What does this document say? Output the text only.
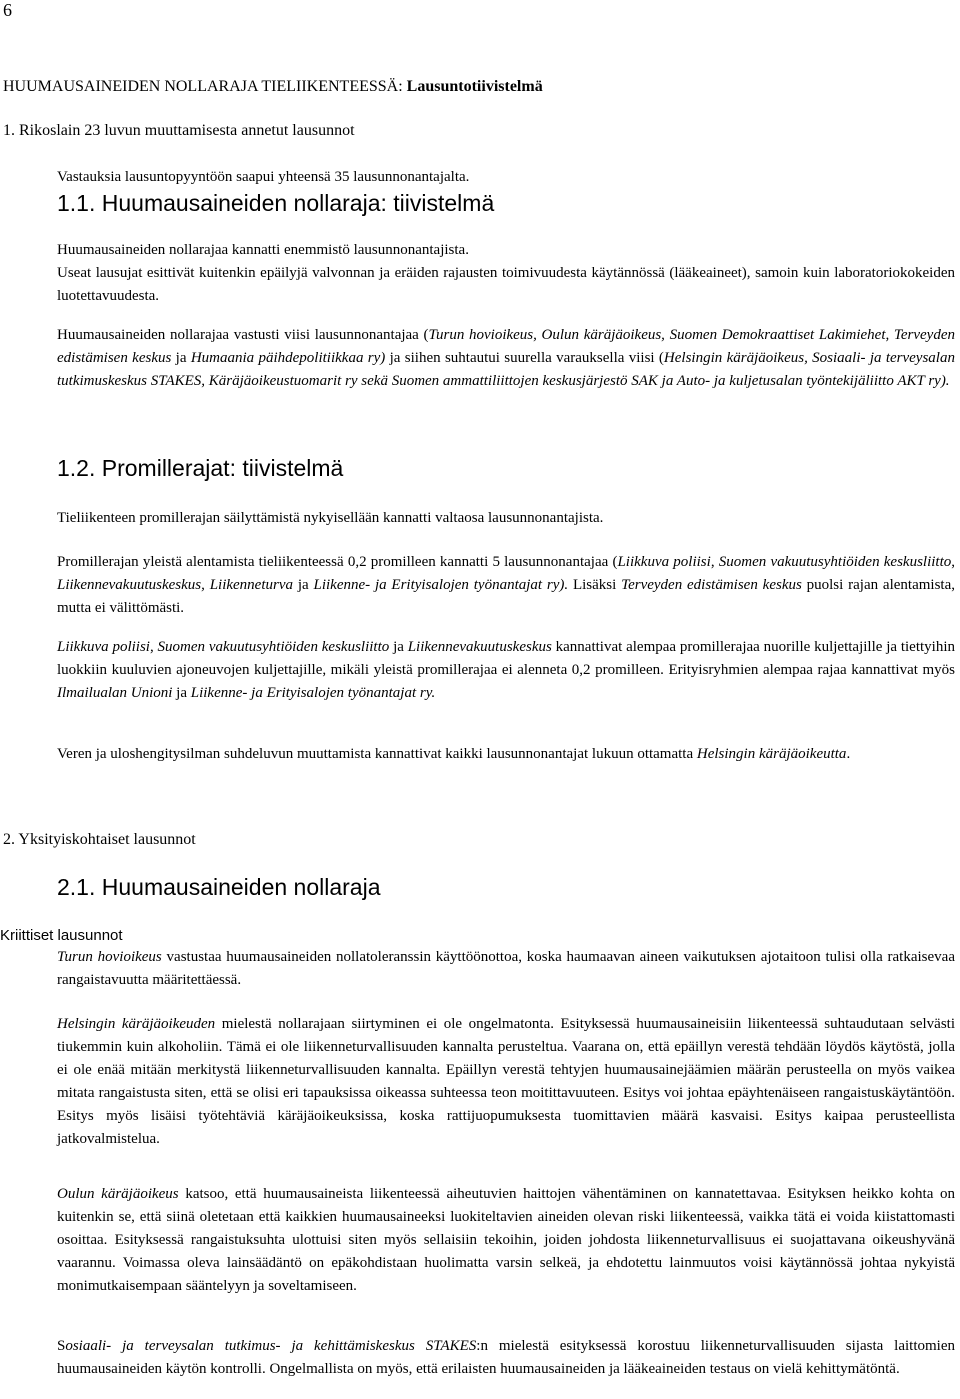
6
HUUMAUSAINEIDEN NOLLARAJA TIELIIKENTEESSÄ: Lausuntotiivistelmä
1. Rikoslain 23 luvun muuttamisesta annetut lausunnot
Vastauksia lausuntopyyntöön saapui yhteensä 35 lausunnonantajalta.
1.1. Huumausaineiden nollaraja: tiivistelmä
Huumausaineiden nollarajaa kannatti enemmistö lausunnonantajista.
Useat lausujat esittivät kuitenkin epäilyjä valvonnan ja eräiden rajausten toimivuudesta käytännössä (lääkeaineet), samoin kuin laboratoriokokeiden luotettavuudesta.
Huumausaineiden nollarajaa vastusti viisi lausunnonantajaa (Turun hovioikeus, Oulun käräjäoikeus, Suomen Demokraattiset Lakimiehet, Terveyden edistämisen keskus ja Humaania päihdepolitiikkaa ry) ja siihen suhtautui suurella varauksella viisi (Helsingin käräjäoikeus, Sosiaali- ja terveysalan tutkimuskeskus STAKES, Käräjäoikeustuomarit ry sekä Suomen ammattiliittojen keskusjärjestö SAK ja Auto- ja kuljetusalan työntekijäliitto AKT ry).
1.2. Promillerajat: tiivistelmä
Tieliikenteen promillerajan säilyttämistä nykyisellään kannatti valtaosa lausunnonantajista.
Promillerajan yleistä alentamista tieliikenteessä 0,2 promilleen kannatti 5 lausunnonantajaa (Liikkuva poliisi, Suomen vakuutusyhtiöiden keskusliitto, Liikennevakuutuskeskus, Liikenneturva ja Liikenne- ja Erityisalojen työnantajat ry). Lisäksi Terveyden edistämisen keskus puolsi rajan alentamista, mutta ei välittömästi.
Liikkuva poliisi, Suomen vakuutusyhtiöiden keskusliitto ja Liikennevakuutuskeskus kannattivat alempaa promillerajaa nuorille kuljettajille ja tiettyihin luokkiin kuuluvien ajoneuvojen kuljettajille, mikäli yleistä promillerajaa ei alenneta 0,2 promilleen. Erityisryhmien alempaa rajaa kannattivat myös Ilmailualan Unioni ja Liikenne- ja Erityisalojen työnantajat ry.
Veren ja uloshengitysilman suhdeluvun muuttamista kannattivat kaikki lausunnonantajat lukuun ottamatta Helsingin käräjäoikeutta.
2. Yksityiskohtaiset lausunnot
2.1. Huumausaineiden nollaraja
Kriittiset lausunnot
Turun hovioikeus vastustaa huumausaineiden nollatoleranssin käyttöönottoa, koska haumaavan aineen vaikutuksen ajotaitoon tulisi olla ratkaisevaa rangaistavuutta määritettäessä.
Helsingin käräjäoikeuden mielestä nollarajaan siirtyminen ei ole ongelmatonta. Esityksessä huumausaineisiin liikenteessä suhtaudutaan selvästi tiukemmin kuin alkoholiin. Tämä ei ole liikenneturvallisuuden kannalta perusteltua. Vaarana on, että epäillyn verestä tehdään löydös käytöstä, jolla ei ole enää mitään merkitystä liikenneturvallisuuden kannalta. Epäillyn verestä tehtyjen huumausainejäämien määrän perusteella on myös vaikea mitata rangaistusta siten, että se olisi eri tapauksissa oikeassa suhteessa teon moitittavuuteen. Esitys voi johtaa epäyhtenäiseen rangaistuskäytäntöön. Esitys myös lisäisi työtehtäviä käräjäoikeuksissa, koska rattijuopumuksesta tuomittavien määrä kasvaisi. Esitys kaipaa perusteellista jatkovalmistelua.
Oulun käräjäoikeus katsoo, että huumausaineista liikenteessä aiheutuvien haittojen vähentäminen on kannatettavaa. Esityksen heikko kohta on kuitenkin se, että siinä oletetaan että kaikkien huumausaineeksi luokiteltavien aineiden olevan riski liikenteessä, vaikka tätä ei voida kiistattomasti osoittaa. Esityksessä rangaistuksuhta ulottuisi siten myös sellaisiin tekoihin, joiden johdosta liikenneturvallisuus ei suojattavana oikeushyvänä vaarannu. Voimassa oleva lainsäädäntö on epäkohdistaan huolimatta varsin selkeä, ja ehdotettu lainmuutos voisi käytännössä johtaa nykyistä monimutkaisempaan sääntelyyn ja soveltamiseen.
Sosiaali- ja terveysalan tutkimus- ja kehittämiskeskus STAKES:n mielestä esityksessä korostuu liikenneturvallisuuden sijasta laittomien huumausaineiden käytön kontrolli. Ongelmallista on myös, että erilaisten huumausaineiden ja lääkeaineiden testaus on vielä kehittymätöntä.
